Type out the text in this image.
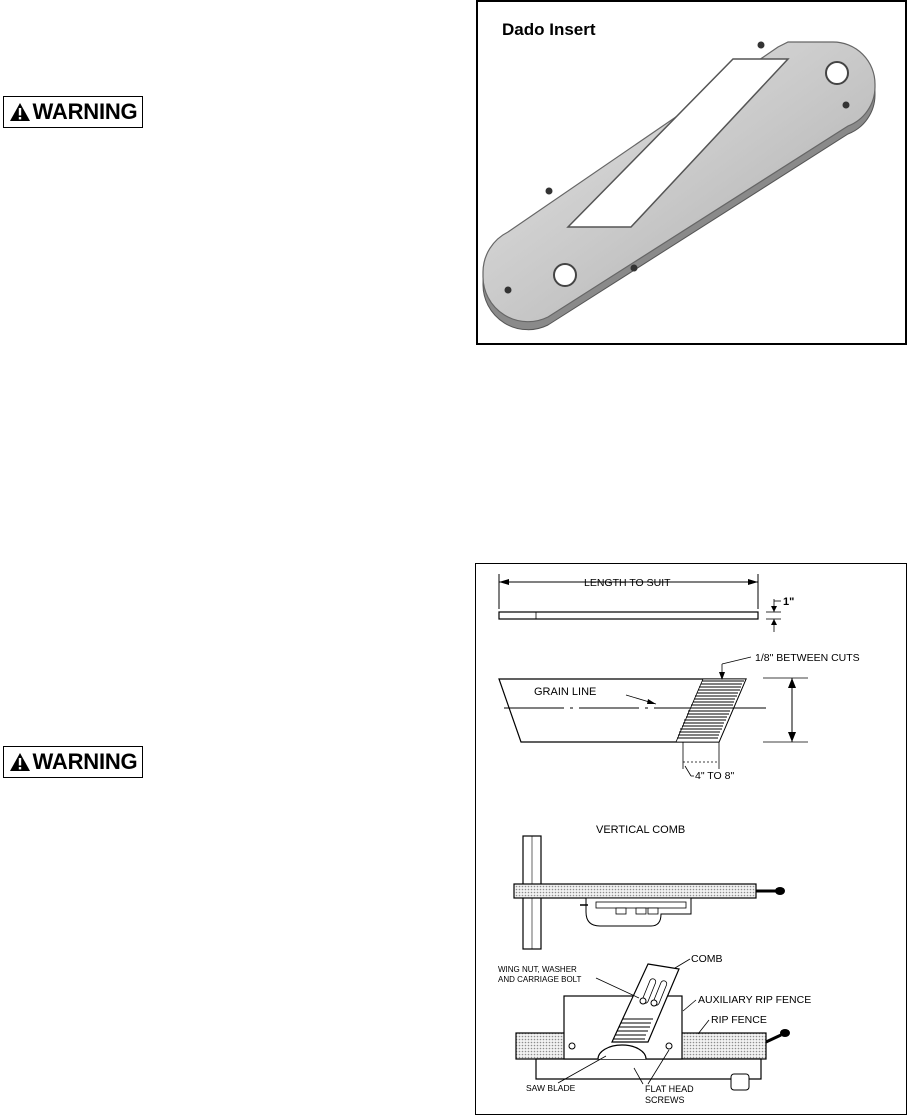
WARNING
WARNING
Dado Insert
LENGTH TO SUIT
1"
GRAIN LINE
1/8" BETWEEN CUTS
4" TO 8"
VERTICAL COMB
COMB
WING NUT, WASHER
AND CARRIAGE BOLT
AUXILIARY RIP FENCE
RIP FENCE
SAW BLADE	FLAT HEAD
SCREWS
